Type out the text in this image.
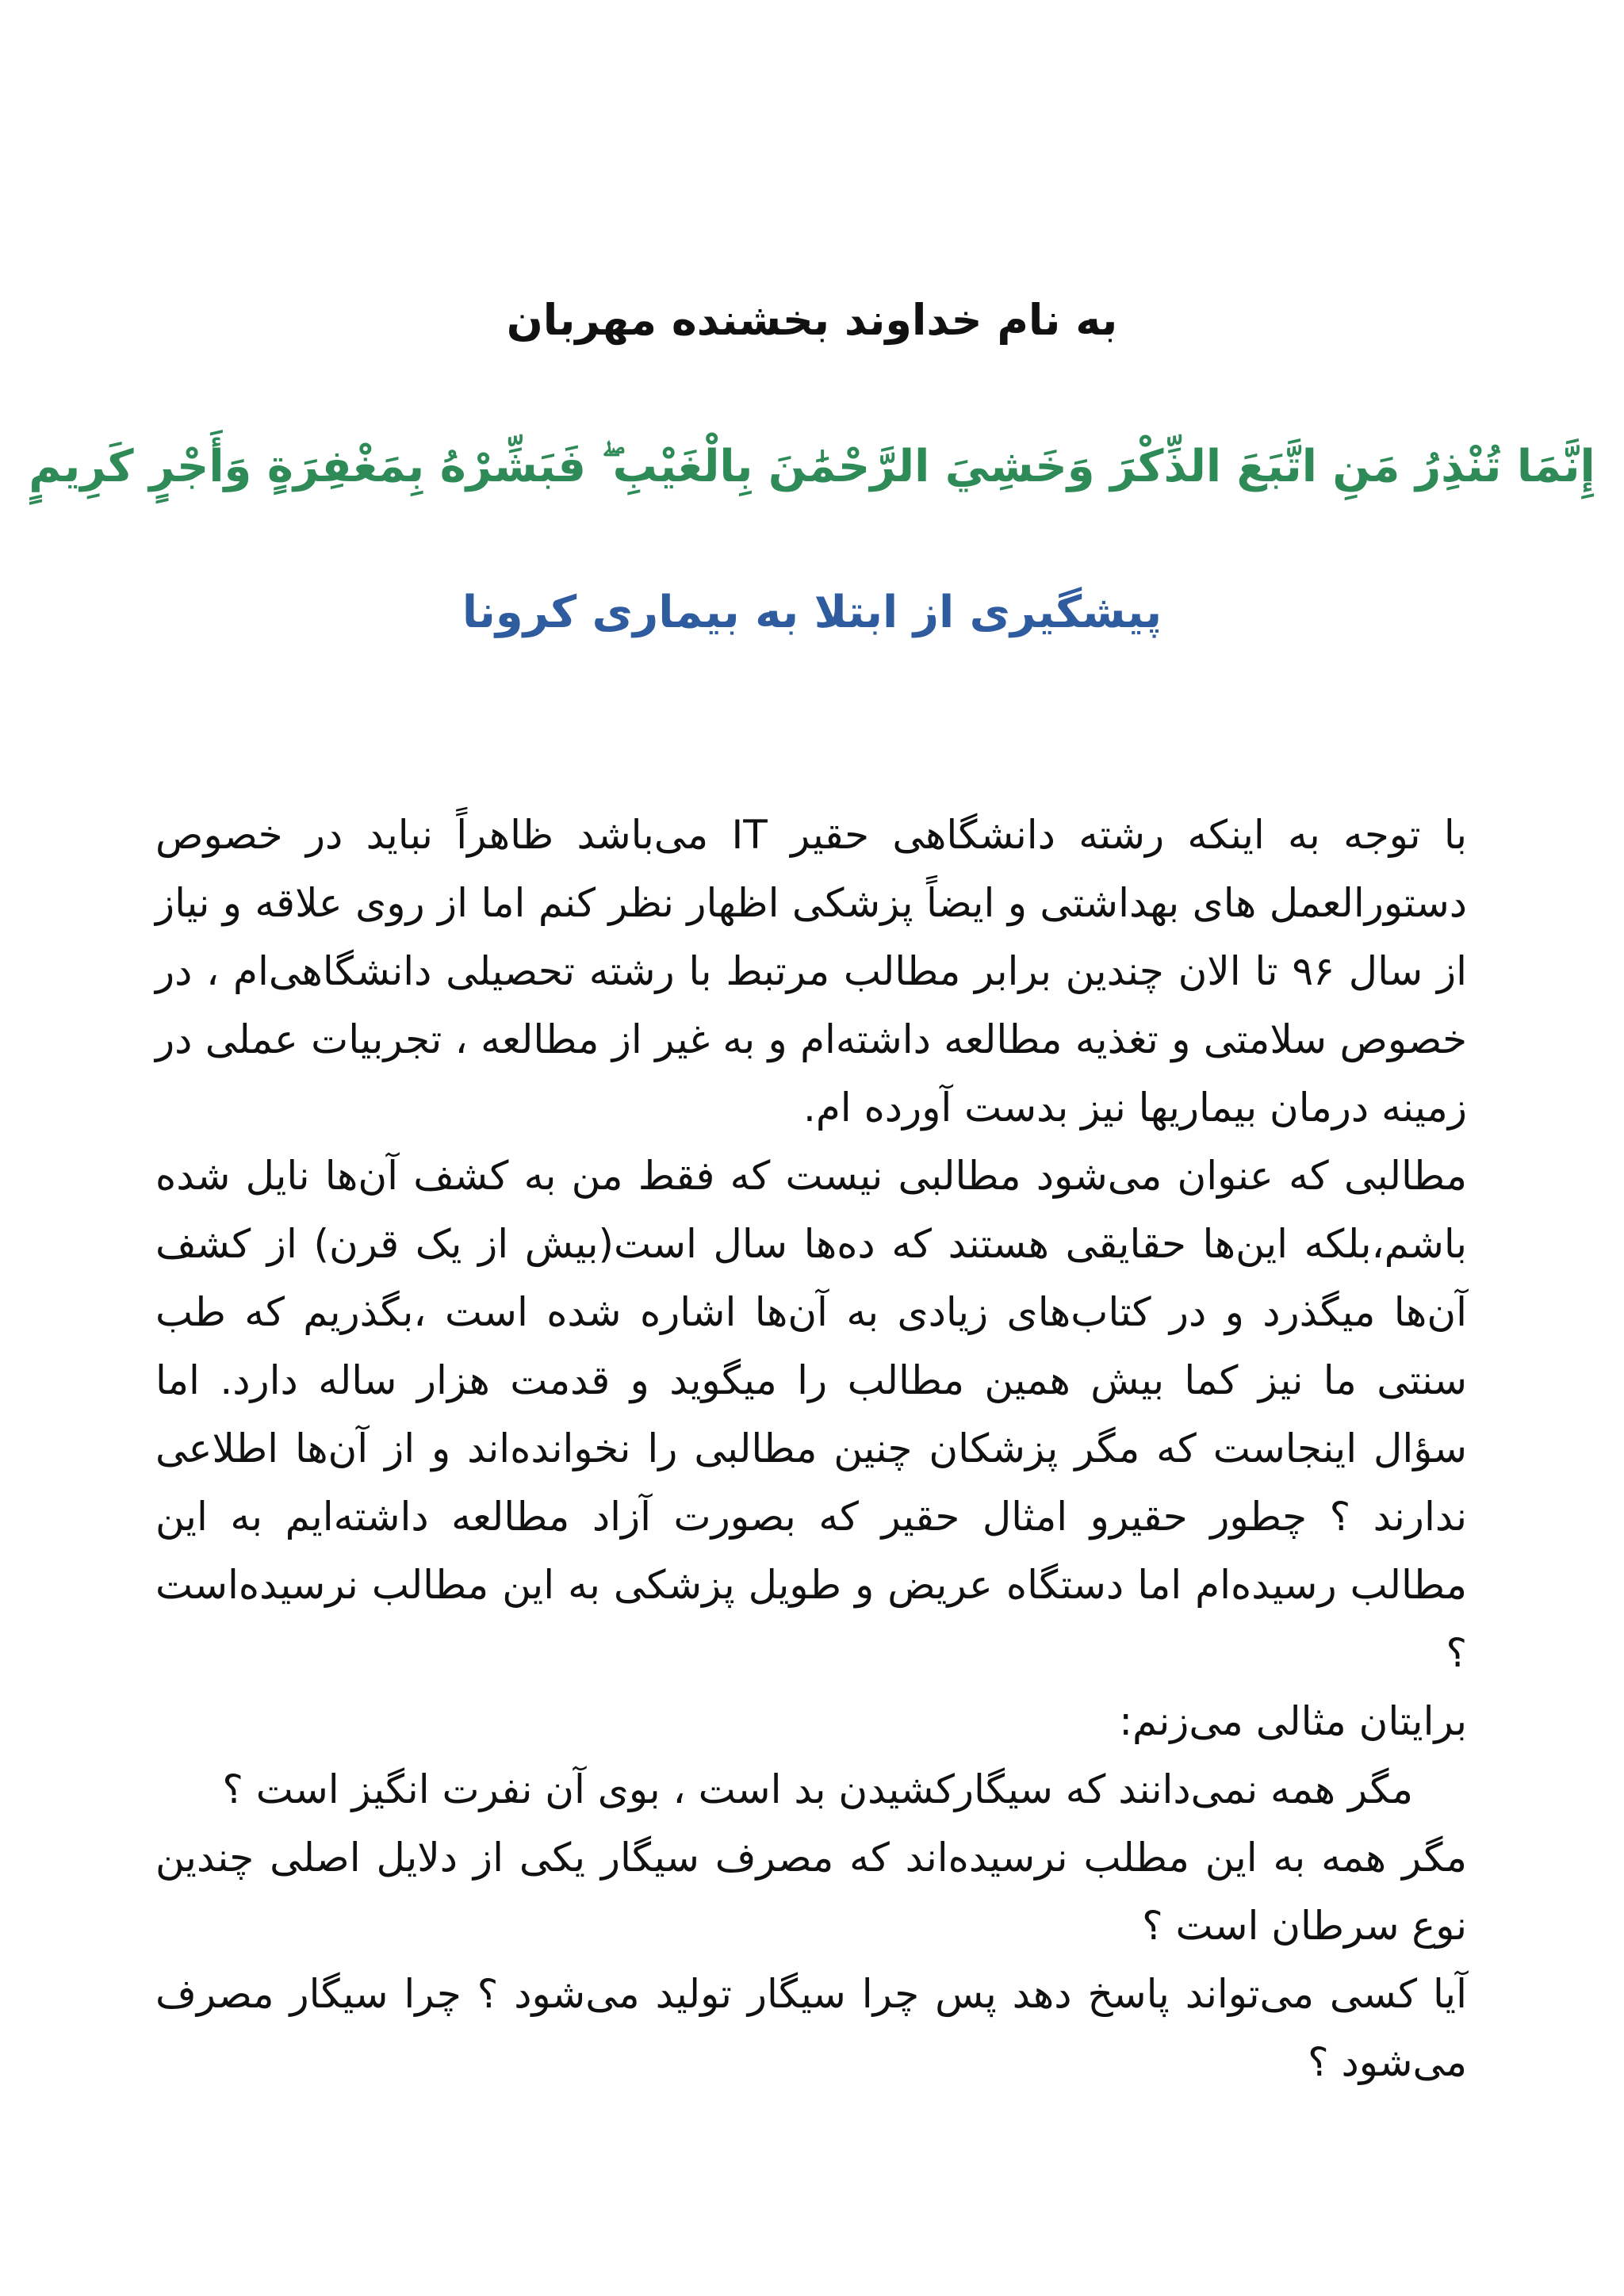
به نام خداوند بخشنده مهربان
إِنَّمَا تُنْذِرُ مَنِ اتَّبَعَ الذِّكْرَ وَخَشِيَ الرَّحْمَٰنَ بِالْغَيْبِ ۖ فَبَشِّرْهُ بِمَغْفِرَةٍ وَأَجْرٍ كَرِيمٍ
پیشگیری از ابتلا به بیماری کرونا

با توجه به اینکه رشته دانشگاهی حقیر IT می‌باشد ظاهراً نباید در خصوص دستورالعمل های بهداشتی و ایضاً پزشکی اظهار نظر کنم اما از روی علاقه و نیاز از سال ۹۶ تا الان چندین برابر مطالب مرتبط با رشته تحصیلی دانشگاهی‌ام ، در خصوص سلامتی و تغذیه مطالعه داشته‌ام و به غیر از مطالعه ، تجربیات عملی در زمینه درمان بیماریها نیز بدست آورده ام.

مطالبی که عنوان می‌شود مطالبی نیست که فقط من به کشف آن‌ها نایل شده باشم،بلکه این‌ها حقایقی هستند که ده‌ها سال است(بیش از یک قرن) از کشف آن‌ها میگذرد و در کتاب‌های زیادی به آن‌ها اشاره شده است ،بگذریم که طب سنتی ما نیز کما بیش همین مطالب را میگوید و قدمت هزار ساله دارد. اما سؤال اینجاست که مگر پزشکان چنین مطالبی را نخوانده‌اند و از آن‌ها اطلاعی ندارند ؟ چطور حقیرو امثال حقیر که بصورت آزاد مطالعه داشته‌ایم به این مطالب رسیده‌ام اما دستگاه عریض و طویل پزشکی به این مطالب نرسیده‌است ؟

برایتان مثالی می‌زنم:

مگر همه نمی‌دانند که سیگارکشیدن بد است ، بوی آن نفرت انگیز است ؟

مگر همه به این مطلب نرسیده‌اند که مصرف سیگار یکی از دلایل اصلی چندین نوع سرطان است ؟

آیا کسی می‌تواند پاسخ دهد پس چرا سیگار تولید می‌شود ؟ چرا سیگار مصرف می‌شود ؟
